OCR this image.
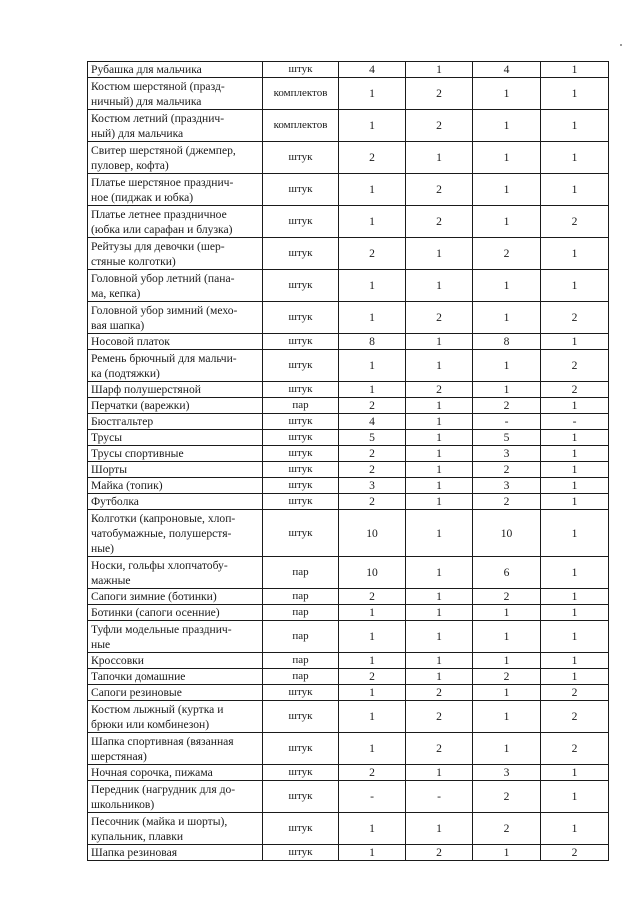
Рубашка для мальчика	штук	4	1	4	1
Костюм шерстяной (празд-
ничный) для мальчика	комплектов	1	2	1	1
Костюм летний (празднич-
ный) для мальчика	комплектов	1	2	1	1
Свитер шерстяной (джемпер,
пуловер, кофта)	штук	2	1	1	1
Платье шерстяное празднич-
ное (пиджак и юбка)	штук	1	2	1	1
Платье летнее праздничное
(юбка или сарафан и блузка)	штук	1	2	1	2
Рейтузы для девочки (шер-
стяные колготки)	штук	2	1	2	1
Головной убор летний (пана-
ма, кепка)	штук	1	1	1	1
Головной убор зимний (мехо-
вая шапка)	штук	1	2	1	2
Носовой платок	штук	8	1	8	1
Ремень брючный для мальчи-
ка (подтяжки)	штук	1	1	1	2
Шарф полушерстяной	штук	1	2	1	2
Перчатки (варежки)	пар	2	1	2	1
Бюстгальтер	штук	4	1	-	-
Трусы	штук	5	1	5	1
Трусы спортивные	штук	2	1	3	1
Шорты	штук	2	1	2	1
Майка (топик)	штук	3	1	3	1
Футболка	штук	2	1	2	1
Колготки (капроновые, хлоп-
чатобумажные, полушерстя-
ные)	штук	10	1	10	1
Носки, гольфы хлопчатобу-
мажные	пар	10	1	6	1
Сапоги зимние (ботинки)	пар	2	1	2	1
Ботинки (сапоги осенние)	пар	1	1	1	1
Туфли модельные празднич-
ные	пар	1	1	1	1
Кроссовки	пар	1	1	1	1
Тапочки домашние	пар	2	1	2	1
Сапоги резиновые	штук	1	2	1	2
Костюм лыжный (куртка и
брюки или комбинезон)	штук	1	2	1	2
Шапка спортивная (вязанная
шерстяная)	штук	1	2	1	2
Ночная сорочка, пижама	штук	2	1	3	1
Передник (нагрудник для до-
школьников)	штук	-	-	2	1
Песочник (майка и шорты),
купальник, плавки	штук	1	1	2	1
Шапка резиновая	штук	1	2	1	2
